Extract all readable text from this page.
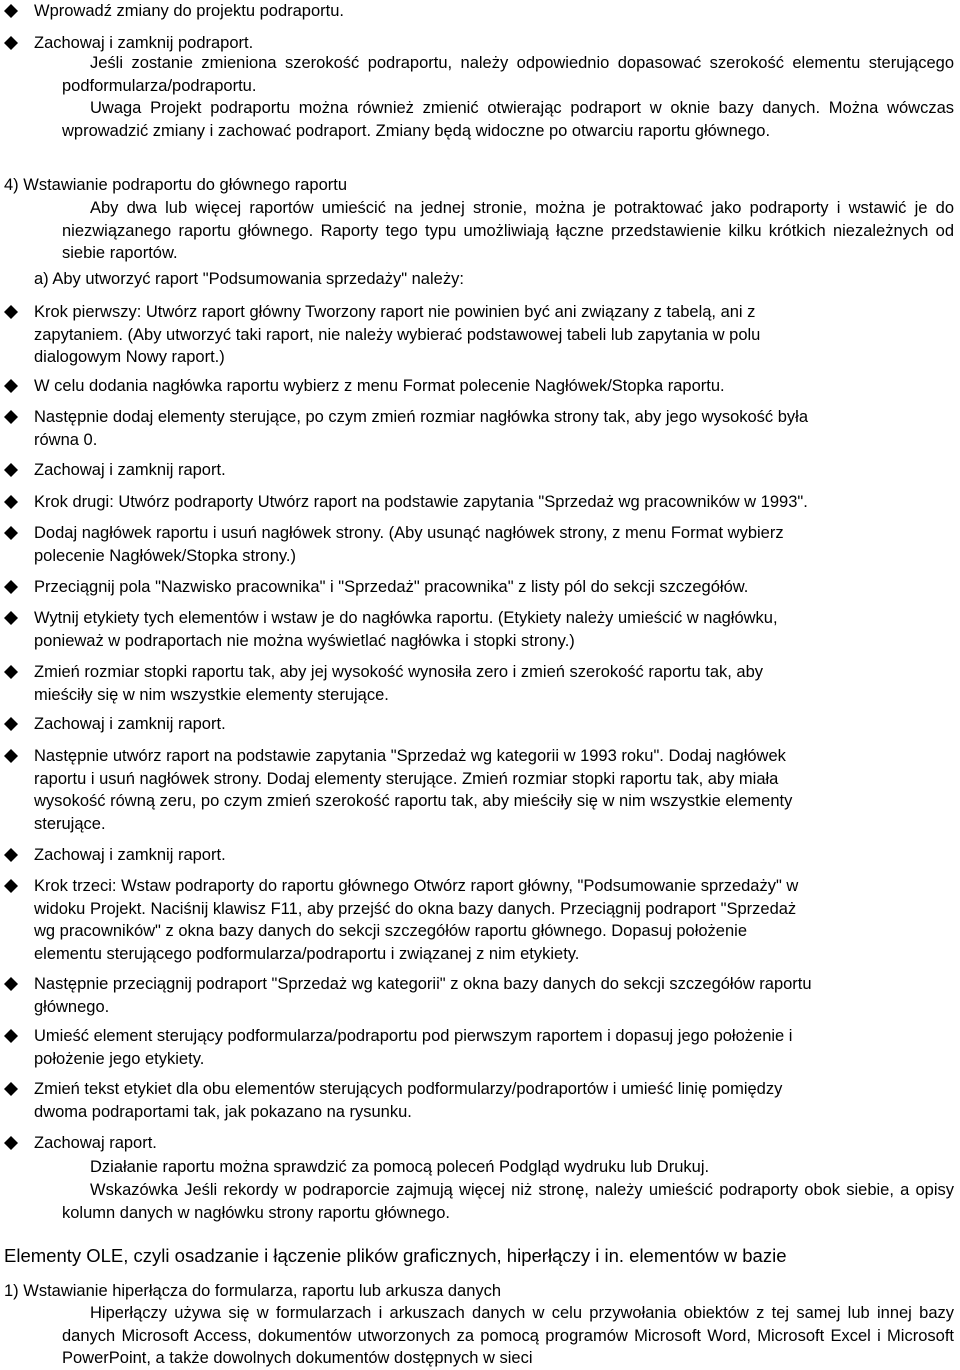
Wprowadź zmiany do projektu podraportu.
Zachowaj i zamknij podraport.
Jeśli zostanie zmieniona szerokość podraportu, należy odpowiednio dopasować szerokość elementu sterującego podformularza/podraportu.
Uwaga Projekt podraportu można również zmienić otwierając podraport w oknie bazy danych. Można wówczas wprowadzić zmiany i zachować podraport. Zmiany będą widoczne po otwarciu raportu głównego.
4) Wstawianie podraportu do głównego raportu
Aby dwa lub więcej raportów umieścić na jednej stronie, można je potraktować jako podraporty i wstawić je do niezwiązanego raportu głównego. Raporty tego typu umożliwiają łączne przedstawienie kilku krótkich niezależnych od siebie raportów.
a) Aby utworzyć raport "Podsumowania sprzedaży" należy:
Krok pierwszy: Utwórz raport główny Tworzony raport nie powinien być ani związany z tabelą, ani z
zapytaniem. (Aby utworzyć taki raport, nie należy wybierać podstawowej tabeli lub zapytania w polu
dialogowym Nowy raport.)
W celu dodania nagłówka raportu wybierz z menu Format polecenie Nagłówek/Stopka raportu.
Następnie dodaj elementy sterujące, po czym zmień rozmiar nagłówka strony tak, aby jego wysokość była
równa 0.
Zachowaj i zamknij raport.
Krok drugi: Utwórz podraporty Utwórz raport na podstawie zapytania "Sprzedaż wg pracowników w 1993".
Dodaj nagłówek raportu i usuń nagłówek strony. (Aby usunąć nagłówek strony, z menu Format wybierz
polecenie Nagłówek/Stopka strony.)
Przeciągnij pola "Nazwisko pracownika" i "Sprzedaż" pracownika" z listy pól do sekcji szczegółów.
Wytnij etykiety tych elementów i wstaw je do nagłówka raportu. (Etykiety należy umieścić w nagłówku,
ponieważ w podraportach nie można wyświetlać nagłówka i stopki strony.)
Zmień rozmiar stopki raportu tak, aby jej wysokość wynosiła zero i zmień szerokość raportu tak, aby
mieściły się w nim wszystkie elementy sterujące.
Zachowaj i zamknij raport.
Następnie utwórz raport na podstawie zapytania "Sprzedaż wg kategorii w 1993 roku". Dodaj nagłówek
raportu i usuń nagłówek strony. Dodaj elementy sterujące. Zmień rozmiar stopki raportu tak, aby miała
wysokość równą zeru, po czym zmień szerokość raportu tak, aby mieściły się w nim wszystkie elementy
sterujące.
Zachowaj i zamknij raport.
Krok trzeci: Wstaw podraporty do raportu głównego Otwórz raport główny, "Podsumowanie sprzedaży" w
widoku Projekt. Naciśnij klawisz F11, aby przejść do okna bazy danych. Przeciągnij podraport "Sprzedaż
wg pracowników" z okna bazy danych do sekcji szczegółów raportu głównego. Dopasuj położenie
elementu sterującego podformularza/podraportu i związanej z nim etykiety.
Następnie przeciągnij podraport "Sprzedaż wg kategorii" z okna bazy danych do sekcji szczegółów raportu
głównego.
Umieść element sterujący podformularza/podraportu pod pierwszym raportem i dopasuj jego położenie i
położenie jego etykiety.
Zmień tekst etykiet dla obu elementów sterujących podformularzy/podraportów i umieść linię pomiędzy
dwoma podraportami tak, jak pokazano na rysunku.
Zachowaj raport.
Działanie raportu można sprawdzić za pomocą poleceń Podgląd wydruku lub Drukuj.
Wskazówka Jeśli rekordy w podraporcie zajmują więcej niż stronę, należy umieścić podraporty obok siebie, a opisy kolumn danych w nagłówku strony raportu głównego.
Elementy OLE, czyli osadzanie i łączenie plików graficznych, hiperłączy i in. elementów w bazie
1) Wstawianie hiperłącza do formularza, raportu lub arkusza danych
Hiperłączy używa się w formularzach i arkuszach danych w celu przywołania obiektów z tej samej lub innej bazy danych Microsoft Access, dokumentów utworzonych za pomocą programów Microsoft Word, Microsoft Excel i Microsoft PowerPoint, a także dowolnych dokumentów dostępnych w sieci
